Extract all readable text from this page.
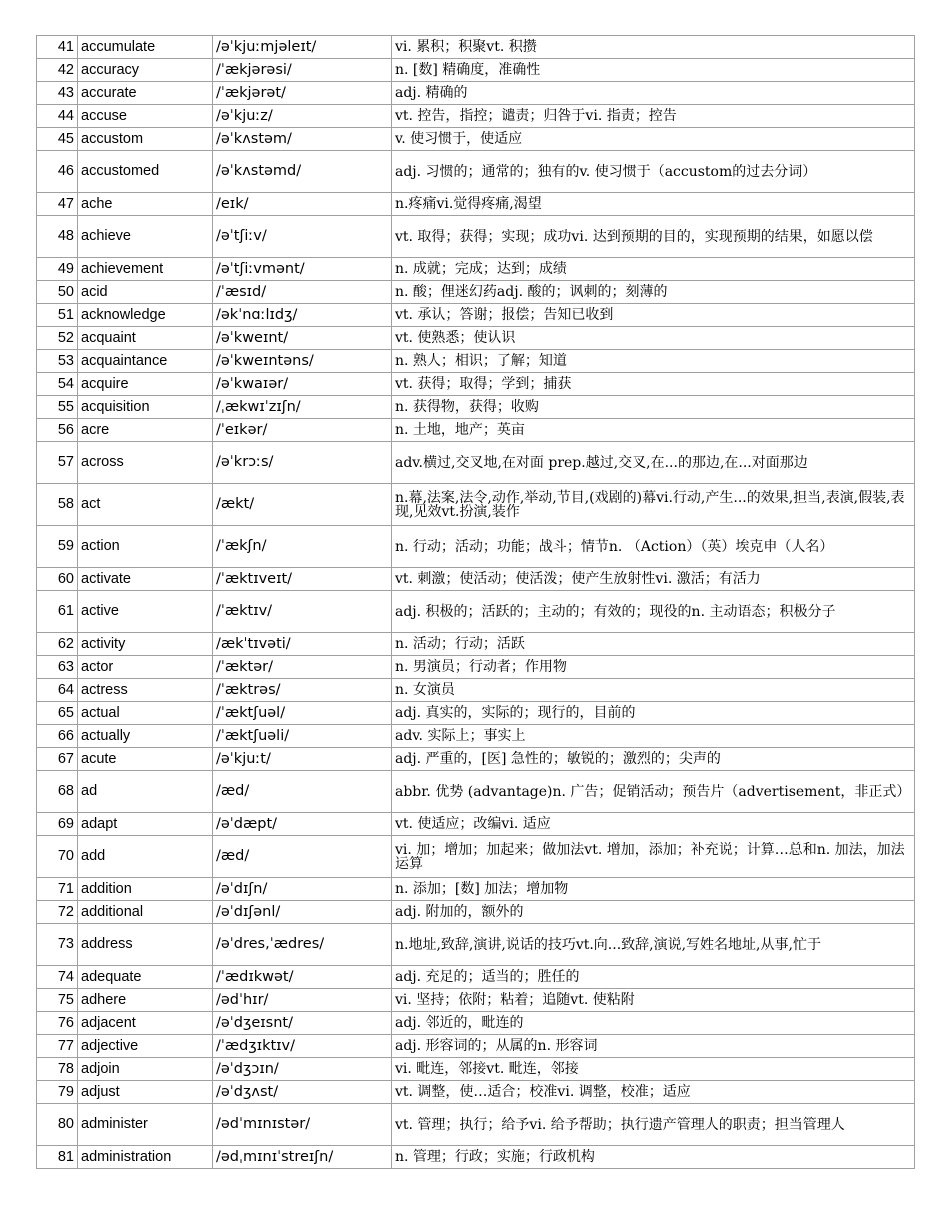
41	accumulate	/əˈkjuːmjəleɪt/	vi. 累积；积聚vt. 积攒
42	accuracy	/ˈækjərəsi/	n. [数] 精确度，准确性
43	accurate	/ˈækjərət/	adj. 精确的
44	accuse	/əˈkjuːz/	vt. 控告，指控；谴责；归咎于vi. 指责；控告
45	accustom	/əˈkʌstəm/	v. 使习惯于，使适应
46	accustomed	/əˈkʌstəmd/	adj. 习惯的；通常的；独有的v. 使习惯于（accustom的过去分词）
47	ache	/eɪk/	n.疼痛vi.觉得疼痛,渴望
48	achieve	/əˈtʃiːv/	vt. 取得；获得；实现；成功vi. 达到预期的目的，实现预期的结果，如愿以偿
49	achievement	/əˈtʃiːvmənt/	n. 成就；完成；达到；成绩
50	acid	/ˈæsɪd/	n. 酸；俚迷幻药adj. 酸的；讽刺的；刻薄的
51	acknowledge	/əkˈnɑːlɪdʒ/	vt. 承认；答谢；报偿；告知已收到
52	acquaint	/əˈkweɪnt/	vt. 使熟悉；使认识
53	acquaintance	/əˈkweɪntəns/	n. 熟人；相识；了解；知道
54	acquire	/əˈkwaɪər/	vt. 获得；取得；学到；捕获
55	acquisition	/ˌækwɪˈzɪʃn/	n. 获得物，获得；收购
56	acre	/ˈeɪkər/	n. 土地，地产；英亩
57	across	/əˈkrɔːs/	adv.横过,交叉地,在对面 prep.越过,交叉,在...的那边,在...对面那边
58	act	/ækt/	n.幕,法案,法令,动作,举动,节目,(戏剧的)幕vi.行动,产生...的效果,担当,表演,假装,表现,见效vt.扮演,装作
59	action	/ˈækʃn/	n. 行动；活动；功能；战斗；情节n. （Action）（英）埃克申（人名）
60	activate	/ˈæktɪveɪt/	vt. 刺激；使活动；使活泼；使产生放射性vi. 激活；有活力
61	active	/ˈæktɪv/	adj. 积极的；活跃的；主动的；有效的；现役的n. 主动语态；积极分子
62	activity	/ækˈtɪvəti/	n. 活动；行动；活跃
63	actor	/ˈæktər/	n. 男演员；行动者；作用物
64	actress	/ˈæktrəs/	n. 女演员
65	actual	/ˈæktʃuəl/	adj. 真实的，实际的；现行的，目前的
66	actually	/ˈæktʃuəli/	adv. 实际上；事实上
67	acute	/əˈkjuːt/	adj. 严重的，[医] 急性的；敏锐的；激烈的；尖声的
68	ad	/æd/	abbr. 优势 (advantage)n. 广告；促销活动；预告片（advertisement，非正式）
69	adapt	/əˈdæpt/	vt. 使适应；改编vi. 适应
70	add	/æd/	vi. 加；增加；加起来；做加法vt. 增加，添加；补充说；计算…总和n. 加法，加法运算
71	addition	/əˈdɪʃn/	n. 添加；[数] 加法；增加物
72	additional	/əˈdɪʃənl/	adj. 附加的，额外的
73	address	/əˈdres,ˈædres/	n.地址,致辞,演讲,说话的技巧vt.向...致辞,演说,写姓名地址,从事,忙于
74	adequate	/ˈædɪkwət/	adj. 充足的；适当的；胜任的
75	adhere	/ədˈhɪr/	vi. 坚持；依附；粘着；追随vt. 使粘附
76	adjacent	/əˈdʒeɪsnt/	adj. 邻近的，毗连的
77	adjective	/ˈædʒɪktɪv/	adj. 形容词的；从属的n. 形容词
78	adjoin	/əˈdʒɔɪn/	vi. 毗连，邻接vt. 毗连，邻接
79	adjust	/əˈdʒʌst/	vt. 调整，使…适合；校准vi. 调整，校准；适应
80	administer	/ədˈmɪnɪstər/	vt. 管理；执行；给予vi. 给予帮助；执行遗产管理人的职责；担当管理人
81	administration	/ədˌmɪnɪˈstreɪʃn/	n. 管理；行政；实施；行政机构
